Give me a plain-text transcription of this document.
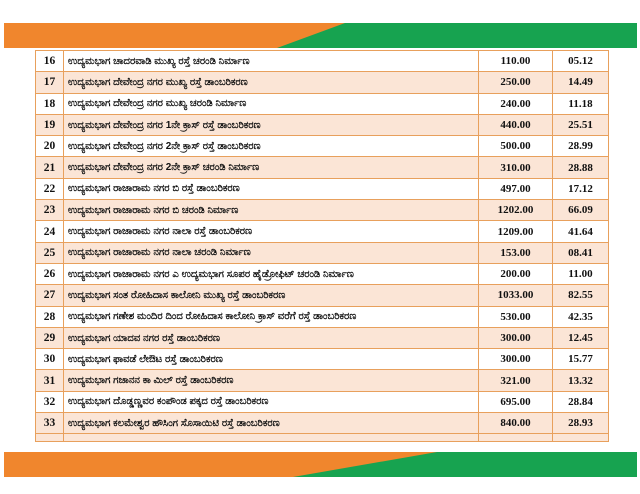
16	ಉದ್ಯಮಭಾಗ ಚಾದರವಾಡಿ ಮುಖ್ಯ ರಸ್ತೆ ಚರಂಡಿ ನಿರ್ಮಾಣ	110.00	05.12
17	ಉದ್ಯಮಭಾಗ ದೇವೇಂದ್ರ ನಗರ ಮುಖ್ಯ ರಸ್ತೆ ಡಾಂಬರಿಕರಣ	250.00	14.49
18	ಉದ್ಯಮಭಾಗ ದೇವೇಂದ್ರ ನಗರ ಮುಖ್ಯ ಚರಂಡಿ ನಿರ್ಮಾಣ	240.00	11.18
19	ಉದ್ಯಮಭಾಗ ದೇವೇಂದ್ರ ನಗರ 1ನೇ ಕ್ರಾಸ್ ರಸ್ತೆ ಡಾಂಬರಿಕರಣ	440.00	25.51
20	ಉದ್ಯಮಭಾಗ ದೇವೇಂದ್ರ ನಗರ 2ನೇ ಕ್ರಾಸ್ ರಸ್ತೆ ಡಾಂಬರಿಕರಣ	500.00	28.99
21	ಉದ್ಯಮಭಾಗ ದೇವೇಂದ್ರ ನಗರ 2ನೇ ಕ್ರಾಸ್ ಚರಂಡಿ ನಿರ್ಮಾಣ	310.00	28.88
22	ಉದ್ಯಮಭಾಗ ರಾಜಾರಾಮ ನಗರ ಬಿ ರಸ್ತೆ ಡಾಂಬರಿಕರಣ	497.00	17.12
23	ಉದ್ಯಮಭಾಗ ರಾಜಾರಾಮ ನಗರ ಬಿ ಚರಂಡಿ ನಿರ್ಮಾಣ	1202.00	66.09
24	ಉದ್ಯಮಭಾಗ ರಾಜಾರಾಮ ನಗರ ನಾಲಾ ರಸ್ತೆ ಡಾಂಬರಿಕರಣ	1209.00	41.64
25	ಉದ್ಯಮಭಾಗ ರಾಜಾರಾಮ ನಗರ ನಾಲಾ ಚರಂಡಿ ನಿರ್ಮಾಣ	153.00	08.41
26	ಉದ್ಯಮಭಾಗ ರಾಜಾರಾಮ ನಗರ ಎ ಉದ್ಯಮಭಾಗ ಸೂಪರ ಹೈಡ್ರೋಫಿಟ್ ಚರಂಡಿ ನಿರ್ಮಾಣ	200.00	11.00
27	ಉದ್ಯಮಭಾಗ ಸಂತ ರೋಹಿದಾಸ ಕಾಲೋನಿ ಮುಖ್ಯ ರಸ್ತೆ ಡಾಂಬರಿಕರಣ	1033.00	82.55
28	ಉದ್ಯಮಭಾಗ ಗಣೇಶ ಮಂದಿರ ದಿಂದ ರೋಹಿದಾಸ ಕಾಲೋನಿ ಕ್ರಾಸ್ ವರೆಗೆ ರಸ್ತೆ ಡಾಂಬರಿಕರಣ	530.00	42.35
29	ಉದ್ಯಮಭಾಗ ಯಾದವ ನಗರ ರಸ್ತೆ ಡಾಂಬರಿಕರಣ	300.00	12.45
30	ಉದ್ಯಮಭಾಗ ಫಾವಡೆ ಲೇಔಟ ರಸ್ತೆ ಡಾಂಬರಿಕರಣ	300.00	15.77
31	ಉದ್ಯಮಭಾಗ ಗಜಾನನ ಕಾ ಮಿಲ್ ರಸ್ತೆ ಡಾಂಬರಿಕರಣ	321.00	13.32
32	ಉದ್ಯಮಭಾಗ ದೊಡ್ಡಣ್ಣವರ ಕಂಪೌಂಡ ಪಕ್ಕದ ರಸ್ತೆ ಡಾಂಬರಿಕರಣ	695.00	28.84
33	ಉದ್ಯಮಭಾಗ ಕಲಮೇಶ್ವರ ಹೌಸಿಂಗ ಸೊಸಾಯಿಟಿ ರಸ್ತೆ ಡಾಂಬರಿಕರಣ	840.00	28.93
